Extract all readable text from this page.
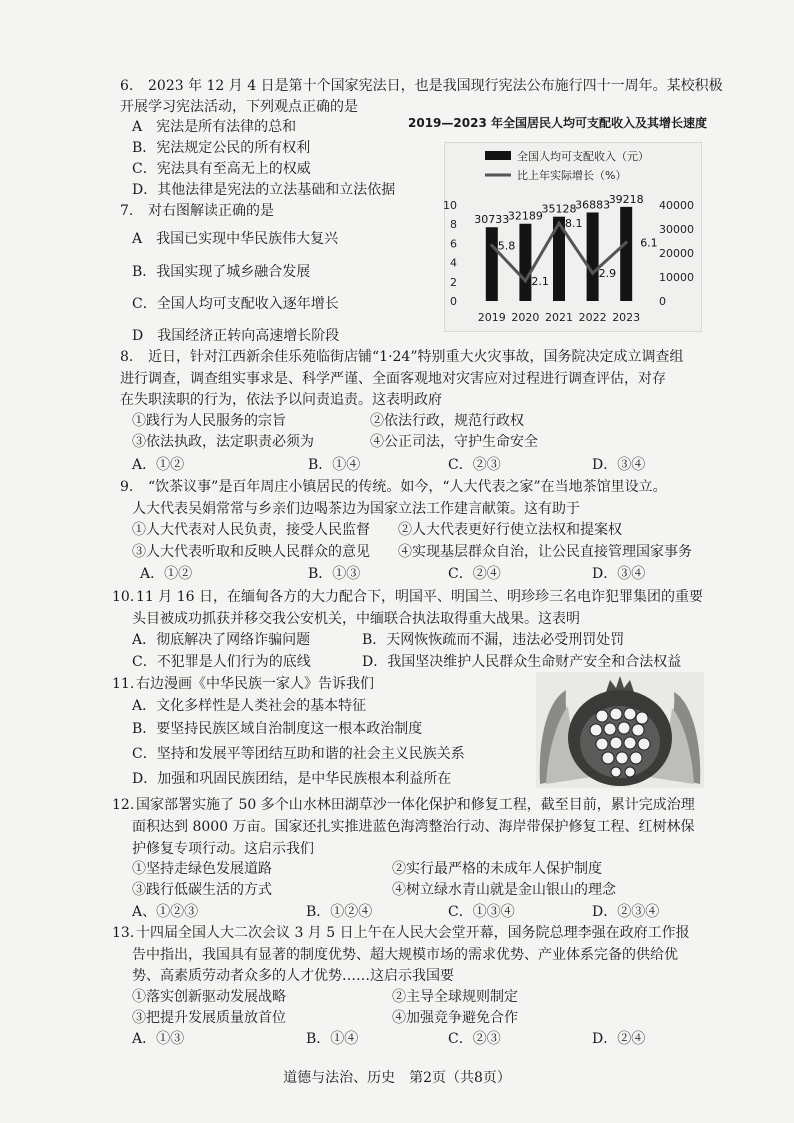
6. 2023 年 12 月 4 日是第十个国家宪法日，也是我国现行宪法公布施行四十一周年。某校积极
开展学习宪法活动，下列观点正确的是
A　宪法是所有法律的总和
B．宪法规定公民的所有权利
C．宪法具有至高无上的权威
D．其他法律是宪法的立法基础和立法依据
7. 对右图解读正确的是
A　我国已实现中华民族伟大复兴
B．我国实现了城乡融合发展
C．全国人均可支配收入逐年增长
D　我国经济正转向高速增长阶段
2019—2023 年全国居民人均可支配收入及其增长速度
全国人均可支配收入（元）
比上年实际增长（%）
10
8
6
4
2
0
40000
30000
20000
10000
0
30733
2019
32189
2020
35128
2021
36883
2022
39218
2023
5.8
2.1
8.1
2.9
6.1
8. 近日，针对江西新余佳乐苑临街店铺“1·24”特别重大火灾事故，国务院决定成立调查组
进行调查，调查组实事求是、科学严谨、全面客观地对灾害应对过程进行调查评估，对存
在失职渎职的行为，依法予以问责追责。这表明政府
①践行为人民服务的宗旨	②依法行政，规范行政权
③依法执政，法定职责必须为	④公正司法，守护生命安全
A．①②	B．①④	C．②③	D．③④
9. “饮茶议事”是百年周庄小镇居民的传统。如今，“人大代表之家”在当地茶馆里设立。
人大代表吴娟常常与乡亲们边喝茶边为国家立法工作建言献策。这有助于
①人大代表对人民负责，接受人民监督 ②人大代表更好行使立法权和提案权
③人大代表听取和反映人民群众的意见 ④实现基层群众自治，让公民直接管理国家事务
A．①②	B．①③	C．②④	D．③④
10. 11 月 16 日，在缅甸各方的大力配合下，明国平、明国兰、明珍珍三名电诈犯罪集团的重要
头目被成功抓获并移交我公安机关，中缅联合执法取得重大战果。这表明
A．彻底解决了网络诈骗问题	B．天网恢恢疏而不漏，违法必受刑罚处罚
C．不犯罪是人们行为的底线	D．我国坚决维护人民群众生命财产安全和合法权益
11. 右边漫画《中华民族一家人》告诉我们
A．文化多样性是人类社会的基本特征
B．要坚持民族区域自治制度这一根本政治制度
C．坚持和发展平等团结互助和谐的社会主义民族关系
D．加强和巩固民族团结，是中华民族根本利益所在
12. 国家部署实施了 50 多个山水林田湖草沙一体化保护和修复工程，截至目前，累计完成治理
面积达到 8000 万亩。国家还扎实推进蓝色海湾整治行动、海岸带保护修复工程、红树林保
护修复专项行动。这启示我们
①坚持走绿色发展道路	②实行最严格的未成年人保护制度
③践行低碳生活的方式	④树立绿水青山就是金山银山的理念
A、①②③	B．①②④	C．①③④	D．②③④
13. 十四届全国人大二次会议 3 月 5 日上午在人民大会堂开幕，国务院总理李强在政府工作报
告中指出，我国具有显著的制度优势、超大规模市场的需求优势、产业体系完备的供给优
势、高素质劳动者众多的人才优势……这启示我国要
①落实创新驱动发展战略	②主导全球规则制定
③把提升发展质量放首位	④加强竞争避免合作
A．①③	B．①④	C．②③	D．②④
道德与法治、历史　第2页（共8页）
